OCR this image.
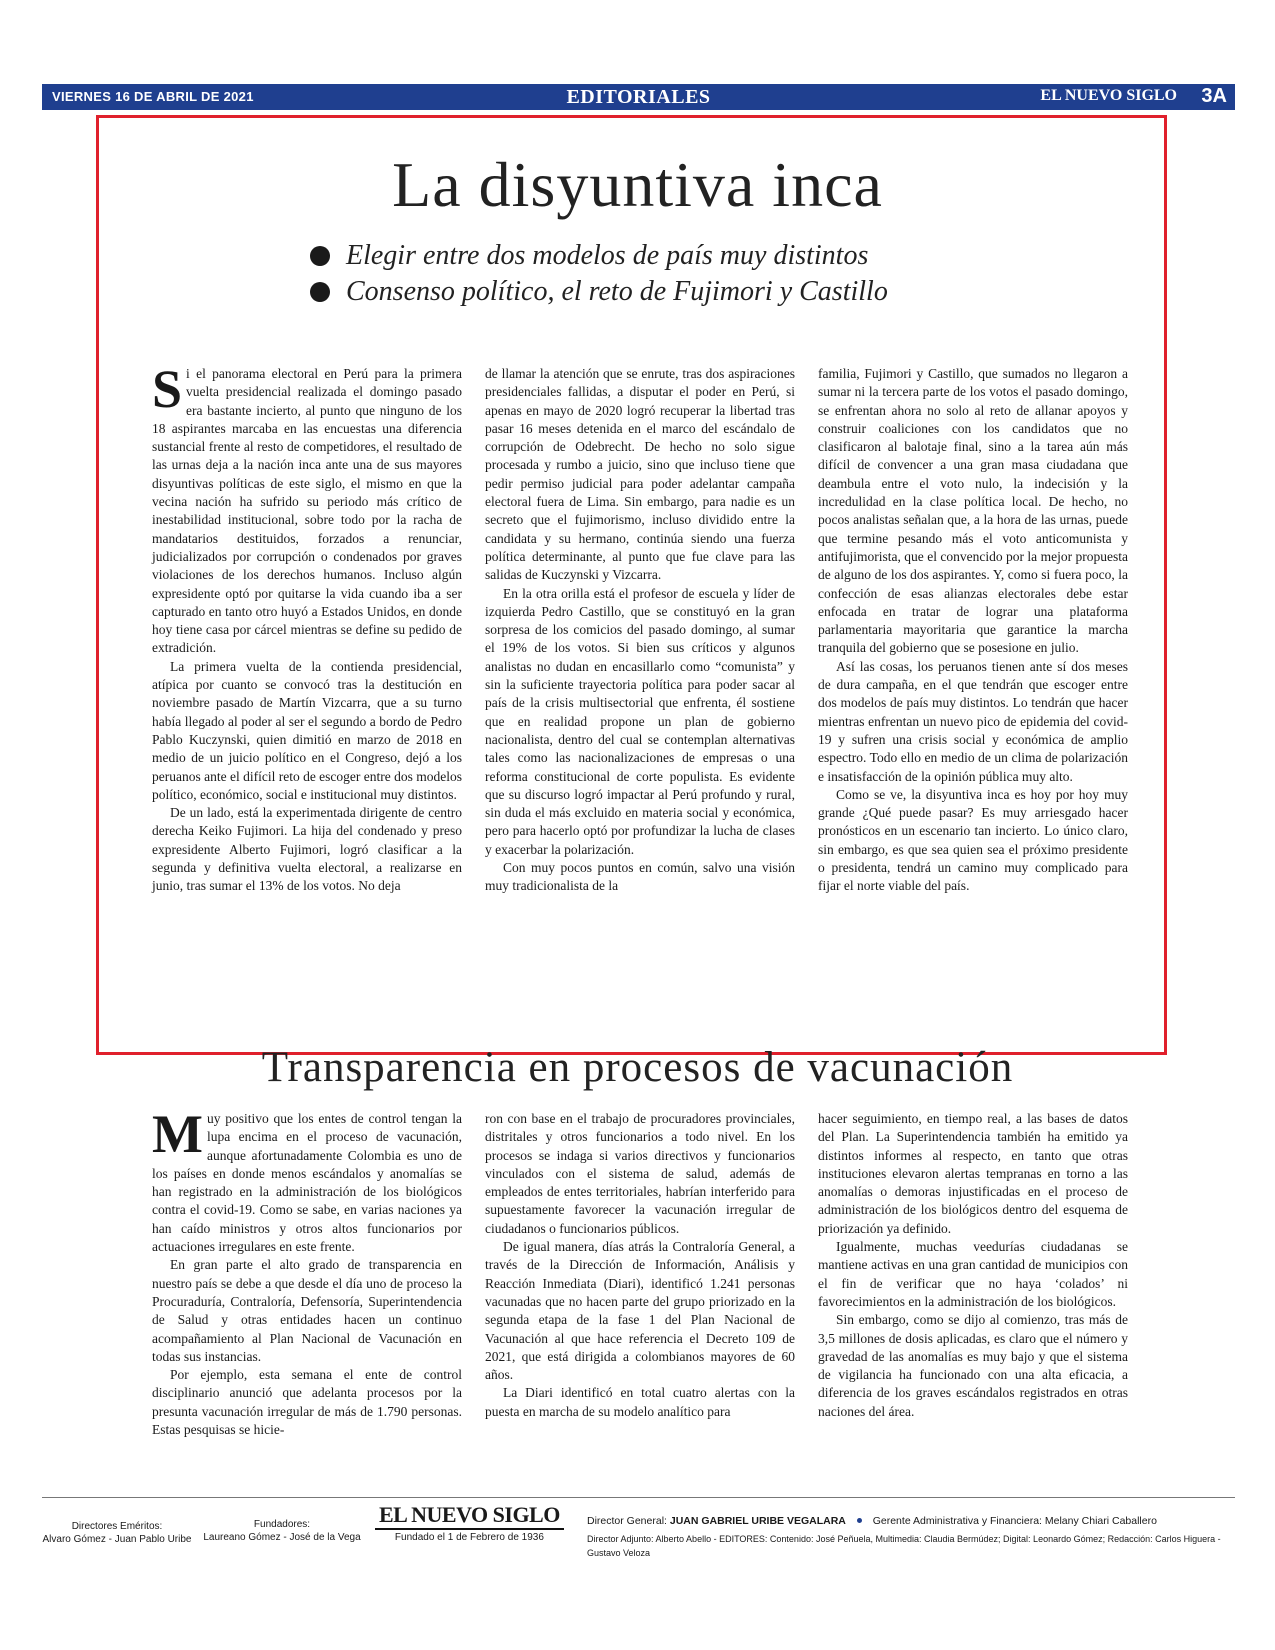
VIERNES 16 DE ABRIL DE 2021	EDITORIALES	EL NUEVO SIGLO 3A
La disyuntiva inca
Elegir entre dos modelos de país muy distintos
Consenso político, el reto de Fujimori y Castillo

Si el panorama electoral en Perú para la primera vuelta presidencial realizada el domingo pasado era bastante incierto, al punto que ninguno de los 18 aspirantes marcaba en las encuestas una diferencia sustancial frente al resto de competidores, el resultado de las urnas deja a la nación inca ante una de sus mayores disyuntivas políticas de este siglo, el mismo en que la vecina nación ha sufrido su periodo más crítico de inestabilidad institucional, sobre todo por la racha de mandatarios destituidos, forzados a renunciar, judicializados por corrupción o condenados por graves violaciones de los derechos humanos. Incluso algún expresidente optó por quitarse la vida cuando iba a ser capturado en tanto otro huyó a Estados Unidos, en donde hoy tiene casa por cárcel mientras se define su pedido de extradición.

La primera vuelta de la contienda presidencial, atípica por cuanto se convocó tras la destitución en noviembre pasado de Martín Vizcarra, que a su turno había llegado al poder al ser el segundo a bordo de Pedro Pablo Kuczynski, quien dimitió en marzo de 2018 en medio de un juicio político en el Congreso, dejó a los peruanos ante el difícil reto de escoger entre dos modelos político, económico, social e institucional muy distintos.

De un lado, está la experimentada dirigente de centro derecha Keiko Fujimori. La hija del condenado y preso expresidente Alberto Fujimori, logró clasificar a la segunda y definitiva vuelta electoral, a realizarse en junio, tras sumar el 13% de los votos. No deja

de llamar la atención que se enrute, tras dos aspiraciones presidenciales fallidas, a disputar el poder en Perú, si apenas en mayo de 2020 logró recuperar la libertad tras pasar 16 meses detenida en el marco del escándalo de corrupción de Odebrecht. De hecho no solo sigue procesada y rumbo a juicio, sino que incluso tiene que pedir permiso judicial para poder adelantar campaña electoral fuera de Lima. Sin embargo, para nadie es un secreto que el fujimorismo, incluso dividido entre la candidata y su hermano, continúa siendo una fuerza política determinante, al punto que fue clave para las salidas de Kuczynski y Vizcarra.

En la otra orilla está el profesor de escuela y líder de izquierda Pedro Castillo, que se constituyó en la gran sorpresa de los comicios del pasado domingo, al sumar el 19% de los votos. Si bien sus críticos y algunos analistas no dudan en encasillarlo como “comunista” y sin la suficiente trayectoria política para poder sacar al país de la crisis multisectorial que enfrenta, él sostiene que en realidad propone un plan de gobierno nacionalista, dentro del cual se contemplan alternativas tales como las nacionalizaciones de empresas o una reforma constitucional de corte populista. Es evidente que su discurso logró impactar al Perú profundo y rural, sin duda el más excluido en materia social y económica, pero para hacerlo optó por profundizar la lucha de clases y exacerbar la polarización.

Con muy pocos puntos en común, salvo una visión muy tradicionalista de la

familia, Fujimori y Castillo, que sumados no llegaron a sumar ni la tercera parte de los votos el pasado domingo, se enfrentan ahora no solo al reto de allanar apoyos y construir coaliciones con los candidatos que no clasificaron al balotaje final, sino a la tarea aún más difícil de convencer a una gran masa ciudadana que deambula entre el voto nulo, la indecisión y la incredulidad en la clase política local. De hecho, no pocos analistas señalan que, a la hora de las urnas, puede que termine pesando más el voto anticomunista y antifujimorista, que el convencido por la mejor propuesta de alguno de los dos aspirantes. Y, como si fuera poco, la confección de esas alianzas electorales debe estar enfocada en tratar de lograr una plataforma parlamentaria mayoritaria que garantice la marcha tranquila del gobierno que se posesione en julio.

Así las cosas, los peruanos tienen ante sí dos meses de dura campaña, en el que tendrán que escoger entre dos modelos de país muy distintos. Lo tendrán que hacer mientras enfrentan un nuevo pico de epidemia del covid-19 y sufren una crisis social y económica de amplio espectro. Todo ello en medio de un clima de polarización e insatisfacción de la opinión pública muy alto.

Como se ve, la disyuntiva inca es hoy por hoy muy grande ¿Qué puede pasar? Es muy arriesgado hacer pronósticos en un escenario tan incierto. Lo único claro, sin embargo, es que sea quien sea el próximo presidente o presidenta, tendrá un camino muy complicado para fijar el norte viable del país.

Transparencia en procesos de vacunación

Muy positivo que los entes de control tengan la lupa encima en el proceso de vacunación, aunque afortunadamente Colombia es uno de los países en donde menos escándalos y anomalías se han registrado en la administración de los biológicos contra el covid-19. Como se sabe, en varias naciones ya han caído ministros y otros altos funcionarios por actuaciones irregulares en este frente.

En gran parte el alto grado de transparencia en nuestro país se debe a que desde el día uno de proceso la Procuraduría, Contraloría, Defensoría, Superintendencia de Salud y otras entidades hacen un continuo acompañamiento al Plan Nacional de Vacunación en todas sus instancias.

Por ejemplo, esta semana el ente de control disciplinario anunció que adelanta procesos por la presunta vacunación irregular de más de 1.790 personas. Estas pesquisas se hicie-

ron con base en el trabajo de procuradores provinciales, distritales y otros funcionarios a todo nivel. En los procesos se indaga si varios directivos y funcionarios vinculados con el sistema de salud, además de empleados de entes territoriales, habrían interferido para supuestamente favorecer la vacunación irregular de ciudadanos o funcionarios públicos.

De igual manera, días atrás la Contraloría General, a través de la Dirección de Información, Análisis y Reacción Inmediata (Diari), identificó 1.241 personas vacunadas que no hacen parte del grupo priorizado en la segunda etapa de la fase 1 del Plan Nacional de Vacunación al que hace referencia el Decreto 109 de 2021, que está dirigida a colombianos mayores de 60 años.

La Diari identificó en total cuatro alertas con la puesta en marcha de su modelo analítico para

hacer seguimiento, en tiempo real, a las bases de datos del Plan. La Superintendencia también ha emitido ya distintos informes al respecto, en tanto que otras instituciones elevaron alertas tempranas en torno a las anomalías o demoras injustificadas en el proceso de administración de los biológicos dentro del esquema de priorización ya definido.

Igualmente, muchas veedurías ciudadanas se mantiene activas en una gran cantidad de municipios con el fin de verificar que no haya ‘colados’ ni favorecimientos en la administración de los biológicos.

Sin embargo, como se dijo al comienzo, tras más de 3,5 millones de dosis aplicadas, es claro que el número y gravedad de las anomalías es muy bajo y que el sistema de vigilancia ha funcionado con una alta eficacia, a diferencia de los graves escándalos registrados en otras naciones del área.

Directores Eméritos:
Alvaro Gómez - Juan Pablo Uribe
Fundadores:
Laureano Gómez - José de la Vega
EL NUEVO SIGLO
Fundado el 1 de Febrero de 1936
Director General: JUAN GABRIEL URIBE VEGALARA	Gerente Administrativa y Financiera: Melany Chiari Caballero
Director Adjunto: Alberto Abello - EDITORES: Contenido: José Peñuela, Multimedia: Claudia Bermúdez; Digital: Leonardo Gómez; Redacción: Carlos Higuera - Gustavo Veloza
